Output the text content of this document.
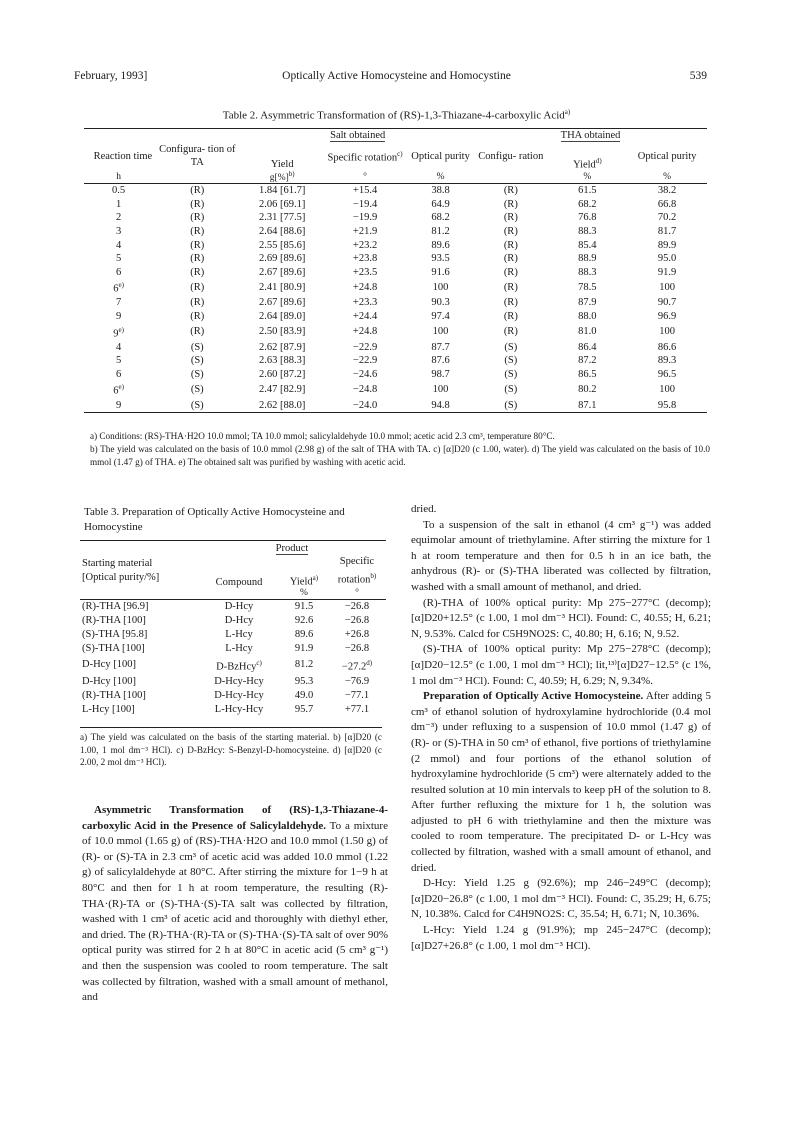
February, 1993]	Optically Active Homocysteine and Homocystine	539
Table 2. Asymmetric Transformation of (RS)-1,3-Thiazane-4-carboxylic Acid$^{a)}$

		Salt obtained			THA obtained		
Reaction time	Configura- tion of TA	Yield	Specific rotation$^{c)}$	Optical purity	Configu- ration	Yield$^{d)}$	Optical purity
h		g[%]$^{b)}$	°	%		%	%

0.5	(R)	1.84 [61.7]	+15.4	38.8	(R)	61.5	38.2
1	(R)	2.06 [69.1]	−19.4	64.9	(R)	68.2	66.8
2	(R)	2.31 [77.5]	−19.9	68.2	(R)	76.8	70.2
3	(R)	2.64 [88.6]	+21.9	81.2	(R)	88.3	81.7
4	(R)	2.55 [85.6]	+23.2	89.6	(R)	85.4	89.9
5	(R)	2.69 [89.6]	+23.8	93.5	(R)	88.9	95.0
6	(R)	2.67 [89.6]	+23.5	91.6	(R)	88.3	91.9
6$^{e)}$	(R)	2.41 [80.9]	+24.8	100	(R)	78.5	100
7	(R)	2.67 [89.6]	+23.3	90.3	(R)	87.9	90.7
9	(R)	2.64 [89.0]	+24.4	97.4	(R)	88.0	96.9
9$^{e)}$	(R)	2.50 [83.9]	+24.8	100	(R)	81.0	100
4	(S)	2.62 [87.9]	−22.9	87.7	(S)	86.4	86.6
5	(S)	2.63 [88.3]	−22.9	87.6	(S)	87.2	89.3
6	(S)	2.60 [87.2]	−24.6	98.7	(S)	86.5	96.5
6$^{e)}$	(S)	2.47 [82.9]	−24.8	100	(S)	80.2	100
9	(S)	2.62 [88.0]	−24.0	94.8	(S)	87.1	95.8

a) Conditions: (RS)-THA·H2O 10.0 mmol; TA 10.0 mmol; salicylaldehyde 10.0 mmol; acetic acid 2.3 cm³, temperature 80°C.
b) The yield was calculated on the basis of 10.0 mmol (2.98 g) of the salt of THA with TA. c) [α]D20 (c 1.00, water). d) The yield was calculated on the basis of 10.0 mmol (1.47 g) of THA. e) The obtained salt was purified by washing with acetic acid.
Table 3. Preparation of Optically Active Homocysteine and Homocystine

	Product		

Starting material
[Optical purity/%]	Compound	Yield$^{a)}$	Specific rotation$^{b)}$
		%	°

(R)-THA [96.9]	D-Hcy	91.5	−26.8
(R)-THA [100]	D-Hcy	92.6	−26.8
(S)-THA [95.8]	L-Hcy	89.6	+26.8
(S)-THA [100]	L-Hcy	91.9	−26.8
D-Hcy [100]	D-BzHcy$^{c)}$	81.2	$-27.2^{d)}$
D-Hcy [100]	D-Hcy-Hcy	95.3	−76.9
(R)-THA [100]	D-Hcy-Hcy	49.0	−77.1
L-Hcy [100]	L-Hcy-Hcy	95.7	+77.1
a) The yield was calculated on the basis of the starting material. b) [α]D20 (c 1.00, 1 mol dm⁻³ HCl). c) D-BzHcy: S-Benzyl-D-homocysteine. d) [α]D20 (c 2.00, 2 mol dm⁻³ HCl).

Asymmetric Transformation of (RS)-1,3-Thiazane-4-carboxylic Acid in the Presence of Salicylaldehyde. To a mixture of 10.0 mmol (1.65 g) of (RS)-THA·H2O and 10.0 mmol (1.50 g) of (R)- or (S)-TA in 2.3 cm³ of acetic acid was added 10.0 mmol (1.22 g) of salicylaldehyde at 80°C. After stirring the mixture for 1−9 h at 80°C and then for 1 h at room temperature, the resulting (R)-THA·(R)-TA or (S)-THA·(S)-TA salt was collected by filtration, washed with 1 cm³ of acetic acid and thoroughly with diethyl ether, and dried. The (R)-THA·(R)-TA or (S)-THA·(S)-TA salt of over 90% optical purity was stirred for 2 h at 80°C in acetic acid (5 cm³ g⁻¹) and then the suspension was cooled to room temperature. The salt was collected by filtration, washed with a small amount of methanol, and

dried.

To a suspension of the salt in ethanol (4 cm³ g⁻¹) was added equimolar amount of triethylamine. After stirring the mixture for 1 h at room temperature and then for 0.5 h in an ice bath, the anhydrous (R)- or (S)-THA liberated was collected by filtration, washed with a small amount of methanol, and dried.

(R)-THA of 100% optical purity: Mp 275−277°C (decomp); [α]D20+12.5° (c 1.00, 1 mol dm⁻³ HCl). Found: C, 40.55; H, 6.21; N, 9.53%. Calcd for C5H9NO2S: C, 40.80; H, 6.16; N, 9.52.

(S)-THA of 100% optical purity: Mp 275−278°C (decomp); [α]D20−12.5° (c 1.00, 1 mol dm⁻³ HCl); lit,¹³⁾[α]D27−12.5° (c 1%, 1 mol dm⁻³ HCl). Found: C, 40.59; H, 6.29; N, 9.34%.

Preparation of Optically Active Homocysteine. After adding 5 cm³ of ethanol solution of hydroxylamine hydrochloride (0.4 mol dm⁻³) under refluxing to a suspension of 10.0 mmol (1.47 g) of (R)- or (S)-THA in 50 cm³ of ethanol, five portions of triethylamine (2 mmol) and four portions of the ethanol solution of hydroxylamine hydrochloride (5 cm³) were alternately added to the resulted solution at 10 min intervals to keep pH of the solution to 8. After further refluxing the mixture for 1 h, the solution was adjusted to pH 6 with triethylamine and then the mixture was cooled to room temperature. The precipitated D- or L-Hcy was collected by filtration, washed with a small amount of ethanol, and dried.

D-Hcy: Yield 1.25 g (92.6%); mp 246−249°C (decomp); [α]D20−26.8° (c 1.00, 1 mol dm⁻³ HCl). Found: C, 35.29; H, 6.75; N, 10.38%. Calcd for C4H9NO2S: C, 35.54; H, 6.71; N, 10.36%.

L-Hcy: Yield 1.24 g (91.9%); mp 245−247°C (decomp); [α]D27+26.8° (c 1.00, 1 mol dm⁻³ HCl).
